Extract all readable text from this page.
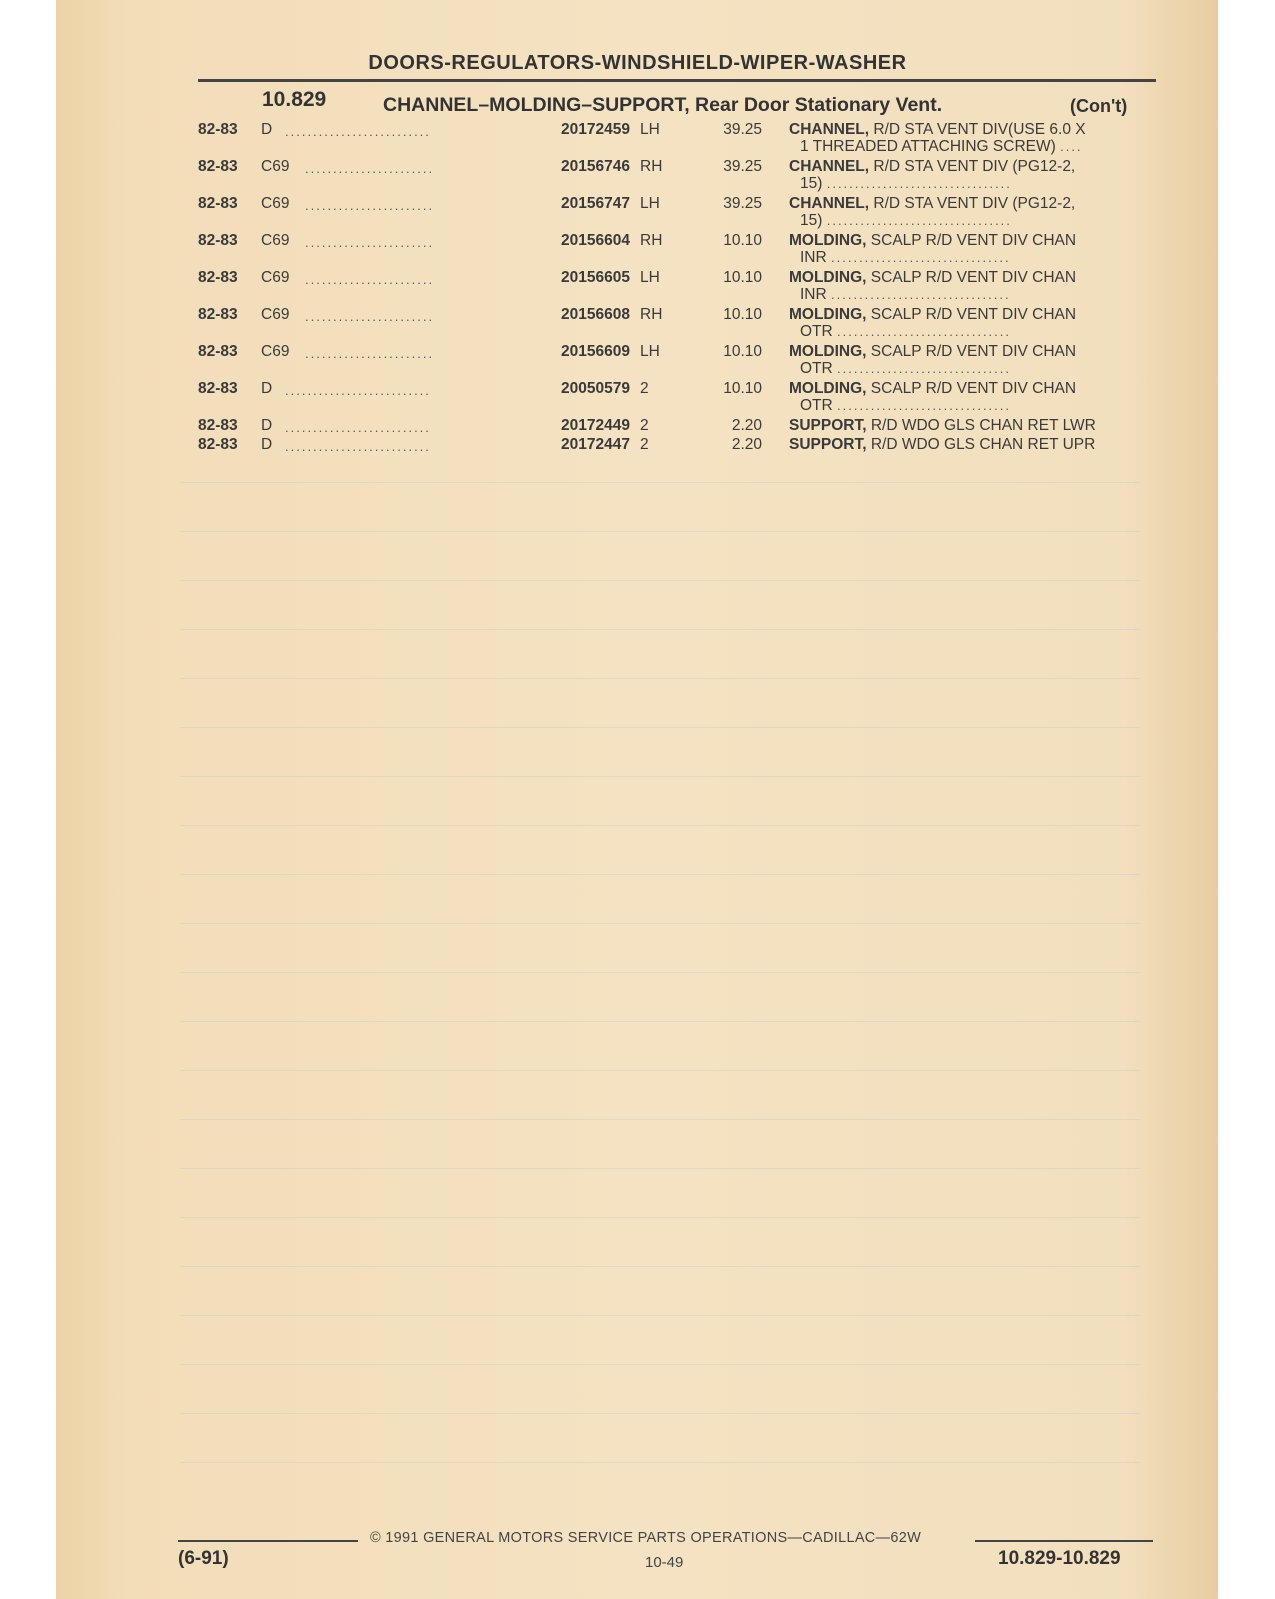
DOORS-REGULATORS-WINDSHIELD-WIPER-WASHER
10.829	CHANNEL–MOLDING–SUPPORT, Rear Door Stationary Vent.	(Con't)
82-83 D ..........................	20172459 LH	39.25 CHANNEL, R/D STA VENT DIV(USE 6.0 X
1 THREADED ATTACHING SCREW) ....
82-83 C69 .......................	20156746 RH	39.25 CHANNEL, R/D STA VENT DIV (PG12-2,
15) .................................
82-83 C69 .......................	20156747 LH	39.25 CHANNEL, R/D STA VENT DIV (PG12-2,
15) .................................
82-83 C69 .......................	20156604 RH	10.10 MOLDING, SCALP R/D VENT DIV CHAN
INR ................................
82-83 C69 .......................	20156605 LH	10.10 MOLDING, SCALP R/D VENT DIV CHAN
INR ................................
82-83 C69 .......................	20156608 RH	10.10 MOLDING, SCALP R/D VENT DIV CHAN
OTR ...............................
82-83 C69 .......................	20156609 LH	10.10 MOLDING, SCALP R/D VENT DIV CHAN
OTR ...............................
82-83 D ..........................	20050579 2	10.10 MOLDING, SCALP R/D VENT DIV CHAN
OTR ...............................
82-83 D ..........................	20172449 2	2.20 SUPPORT, R/D WDO GLS CHAN RET LWR
82-83 D ..........................	20172447 2	2.20 SUPPORT, R/D WDO GLS CHAN RET UPR
© 1991 GENERAL MOTORS SERVICE PARTS OPERATIONS—CADILLAC—62W
(6-91)	10-49	10.829-10.829
